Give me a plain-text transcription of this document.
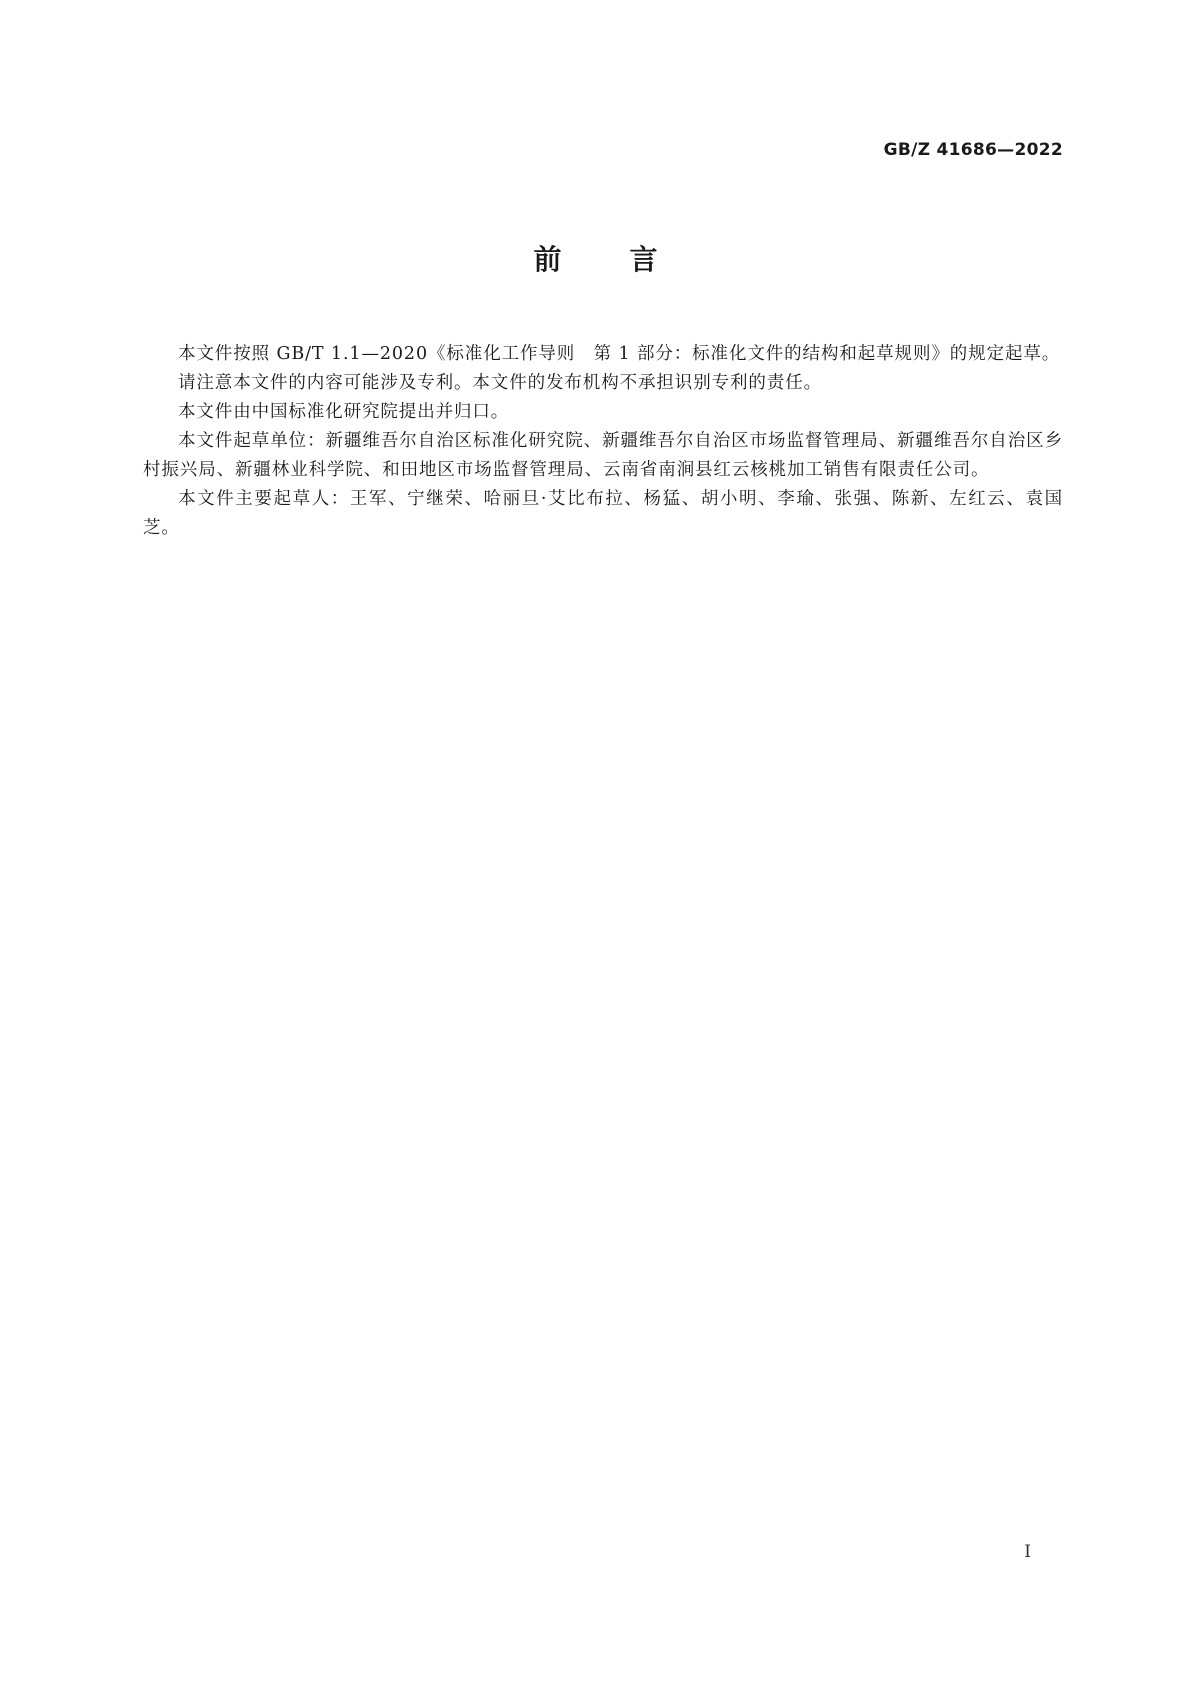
GB/Z 41686—2022
前言

本文件按照 GB/T 1.1—2020《标准化工作导则　第 1 部分：标准化文件的结构和起草规则》的规定起草。

请注意本文件的内容可能涉及专利。本文件的发布机构不承担识别专利的责任。

本文件由中国标准化研究院提出并归口。

本文件起草单位：新疆维吾尔自治区标准化研究院、新疆维吾尔自治区市场监督管理局、新疆维吾尔自治区乡村振兴局、新疆林业科学院、和田地区市场监督管理局、云南省南涧县红云核桃加工销售有限责任公司。

本文件主要起草人：王军、宁继荣、哈丽旦·艾比布拉、杨猛、胡小明、李瑜、张强、陈新、左红云、袁国芝。

I
